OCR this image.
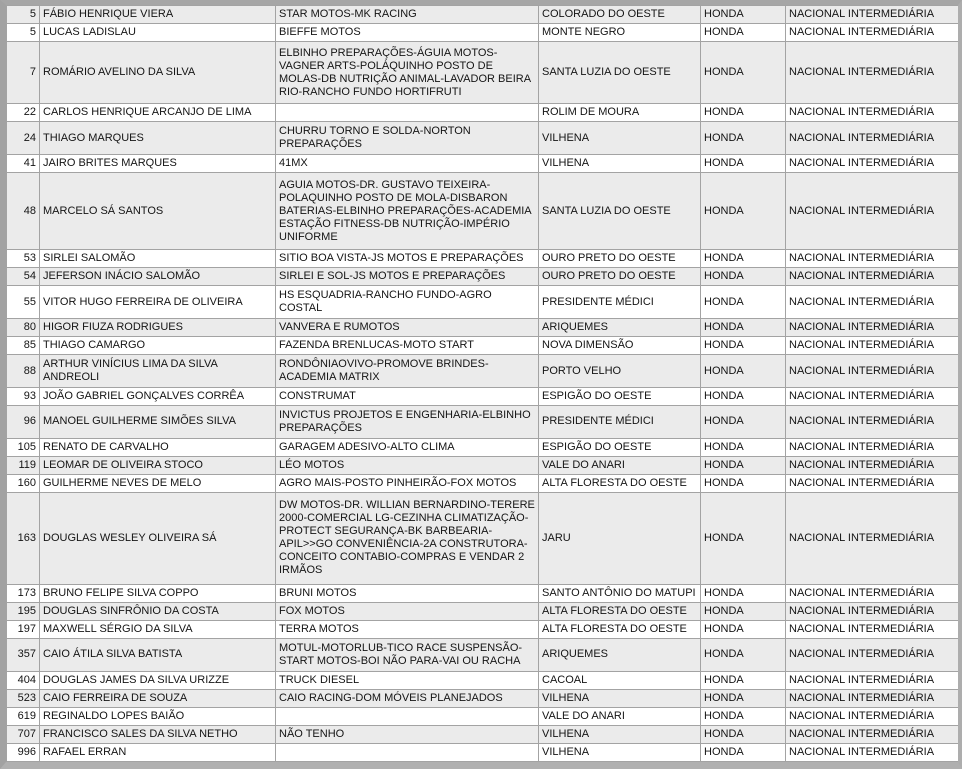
5	FÁBIO HENRIQUE VIERA	STAR MOTOS-MK RACING	COLORADO DO OESTE	HONDA	NACIONAL INTERMEDIÁRIA
5	LUCAS LADISLAU	BIEFFE MOTOS	MONTE NEGRO	HONDA	NACIONAL INTERMEDIÁRIA
7	ROMÁRIO AVELINO DA SILVA	ELBINHO PREPARAÇÕES-ÁGUIA MOTOS-VAGNER ARTS-POLÁQUINHO POSTO DE MOLAS-DB NUTRIÇÃO ANIMAL-LAVADOR BEIRA RIO-RANCHO FUNDO HORTIFRUTI	SANTA LUZIA DO OESTE	HONDA	NACIONAL INTERMEDIÁRIA
22	CARLOS HENRIQUE ARCANJO DE LIMA		ROLIM DE MOURA	HONDA	NACIONAL INTERMEDIÁRIA
24	THIAGO MARQUES	CHURRU TORNO E SOLDA-NORTON PREPARAÇÕES	VILHENA	HONDA	NACIONAL INTERMEDIÁRIA
41	JAIRO BRITES MARQUES	41MX	VILHENA	HONDA	NACIONAL INTERMEDIÁRIA
48	MARCELO SÁ SANTOS	AGUIA MOTOS-DR. GUSTAVO TEIXEIRA-POLAQUINHO POSTO DE MOLA-DISBARON BATERIAS-ELBINHO PREPARAÇÕES-ACADEMIA ESTAÇÃO FITNESS-DB NUTRIÇÃO-IMPÉRIO UNIFORME	SANTA LUZIA DO OESTE	HONDA	NACIONAL INTERMEDIÁRIA
53	SIRLEI SALOMÃO	SITIO BOA VISTA-JS MOTOS E PREPARAÇÕES	OURO PRETO DO OESTE	HONDA	NACIONAL INTERMEDIÁRIA
54	JEFERSON INÁCIO SALOMÃO	SIRLEI E SOL-JS MOTOS E PREPARAÇÕES	OURO PRETO DO OESTE	HONDA	NACIONAL INTERMEDIÁRIA
55	VITOR HUGO FERREIRA DE OLIVEIRA	HS ESQUADRIA-RANCHO FUNDO-AGRO COSTAL	PRESIDENTE MÉDICI	HONDA	NACIONAL INTERMEDIÁRIA
80	HIGOR FIUZA RODRIGUES	VANVERA E RUMOTOS	ARIQUEMES	HONDA	NACIONAL INTERMEDIÁRIA
85	THIAGO CAMARGO	FAZENDA BRENLUCAS-MOTO START	NOVA DIMENSÃO	HONDA	NACIONAL INTERMEDIÁRIA
88	ARTHUR VINÍCIUS LIMA DA SILVA ANDREOLI	RONDÔNIAOVIVO-PROMOVE BRINDES-ACADEMIA MATRIX	PORTO VELHO	HONDA	NACIONAL INTERMEDIÁRIA
93	JOÃO GABRIEL GONÇALVES CORRÊA	CONSTRUMAT	ESPIGÃO DO OESTE	HONDA	NACIONAL INTERMEDIÁRIA
96	MANOEL GUILHERME SIMÕES SILVA	INVICTUS PROJETOS E ENGENHARIA-ELBINHO PREPARAÇÕES	PRESIDENTE MÉDICI	HONDA	NACIONAL INTERMEDIÁRIA
105	RENATO DE CARVALHO	GARAGEM ADESIVO-ALTO CLIMA	ESPIGÃO DO OESTE	HONDA	NACIONAL INTERMEDIÁRIA
119	LEOMAR DE OLIVEIRA STOCO	LÉO MOTOS	VALE DO ANARI	HONDA	NACIONAL INTERMEDIÁRIA
160	GUILHERME NEVES DE MELO	AGRO MAIS-POSTO PINHEIRÃO-FOX MOTOS	ALTA FLORESTA DO OESTE	HONDA	NACIONAL INTERMEDIÁRIA
163	DOUGLAS WESLEY OLIVEIRA SÁ	DW MOTOS-DR. WILLIAN BERNARDINO-TERERE 2000-COMERCIAL LG-CEZINHA CLIMATIZAÇÃO-PROTECT SEGURANÇA-BK BARBEARIA-APIL>>GO CONVENIÊNCIA-2A CONSTRUTORA-CONCEITO CONTABIO-COMPRAS E VENDAR 2 IRMÃOS	JARU	HONDA	NACIONAL INTERMEDIÁRIA
173	BRUNO FELIPE SILVA COPPO	BRUNI MOTOS	SANTO ANTÔNIO DO MATUPI	HONDA	NACIONAL INTERMEDIÁRIA
195	DOUGLAS SINFRÔNIO DA COSTA	FOX MOTOS	ALTA FLORESTA DO OESTE	HONDA	NACIONAL INTERMEDIÁRIA
197	MAXWELL SÉRGIO DA SILVA	TERRA MOTOS	ALTA FLORESTA DO OESTE	HONDA	NACIONAL INTERMEDIÁRIA
357	CAIO ÁTILA SILVA BATISTA	MOTUL-MOTORLUB-TICO RACE SUSPENSÃO-START MOTOS-BOI NÃO PARA-VAI OU RACHA	ARIQUEMES	HONDA	NACIONAL INTERMEDIÁRIA
404	DOUGLAS JAMES DA SILVA URIZZE	TRUCK DIESEL	CACOAL	HONDA	NACIONAL INTERMEDIÁRIA
523	CAIO FERREIRA DE SOUZA	CAIO RACING-DOM MÓVEIS PLANEJADOS	VILHENA	HONDA	NACIONAL INTERMEDIÁRIA
619	REGINALDO LOPES BAIÃO		VALE DO ANARI	HONDA	NACIONAL INTERMEDIÁRIA
707	FRANCISCO SALES DA SILVA NETHO	NÃO TENHO	VILHENA	HONDA	NACIONAL INTERMEDIÁRIA
996	RAFAEL ERRAN		VILHENA	HONDA	NACIONAL INTERMEDIÁRIA
